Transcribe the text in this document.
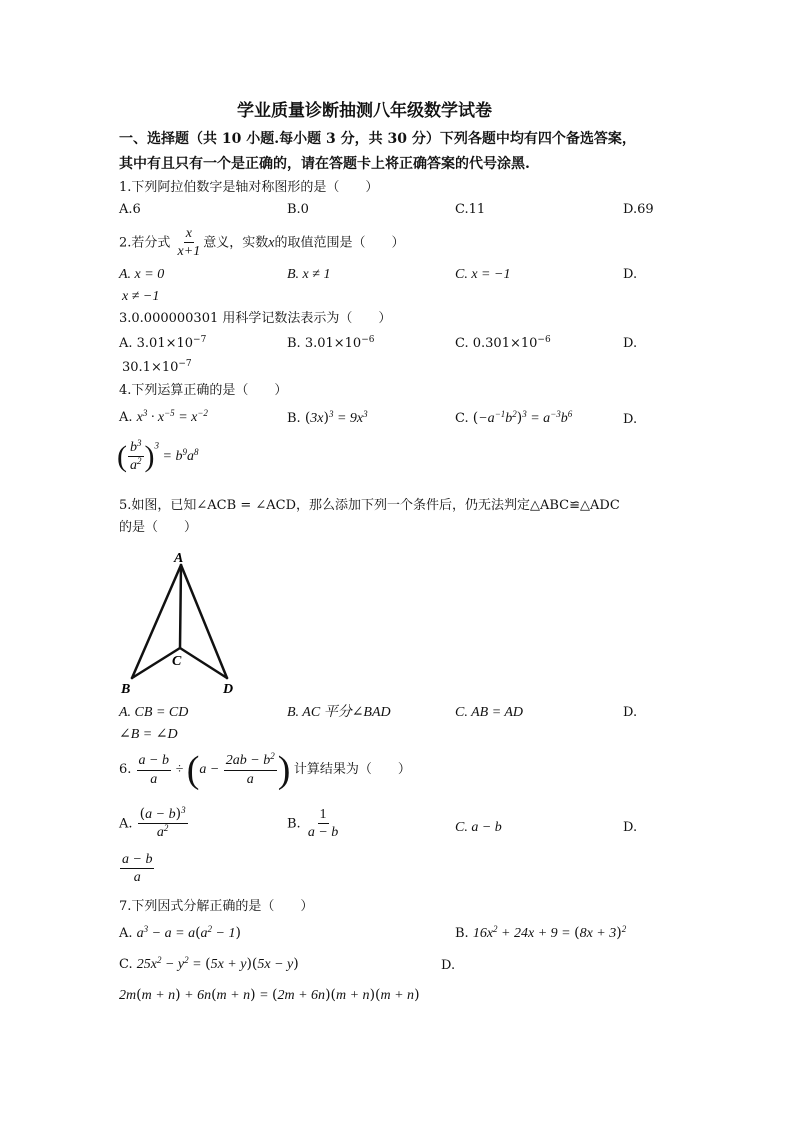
学业质量诊断抽测八年级数学试卷
一、选择题（共 10 小题.每小题 3 分，共 30 分）下列各题中均有四个备选答案，
其中有且只有一个是正确的，请在答题卡上将正确答案的代号涂黑.
1.下列阿拉伯数字是轴对称图形的是（　　）
A.6	B.0	C.11	D.69
2.若分式 $\frac{x}{x+1}$ 意义，实数x的取值范围是（　　）
A. x = 0	B. x ≠ 1	C. x = −1	D.
x ≠ −1
3.0.000000301 用科学记数法表示为（　　）
A. $3.01\times 10^{-7}$	B. $3.01\times 10^{-6}$	C. $0.301\times 10^{-6}$	D.
$30.1\times 10^{-7}$
4.下列运算正确的是（　　）
A. $x^3 \cdot x^{-5} = x^{-2}$	B. $(3x)^3 = 9x^3$	C. $(-a^{-1}b^2)^3 = a^{-3}b^6$	D.
( $\frac{b^3}{a^2} )^3 = b^9a^8$
5.如图，已知∠ACB = ∠ACD，那么添加下列一个条件后，仍无法判定△ABC≌△ADC
的是（　　）
A
B
C
D
A. CB = CD	B. AC 平分∠BAD	C. AB = AD	D.
∠B = ∠D
6. $\frac{a - b}{a} \div (a - \frac{2ab - b^2}{a}$ ) 计算结果为（　　）
A. $\frac{(a - b)^3}{a^2}$	B. $\frac{1}{a - b}$	C. a − b	D.
$\frac{a - b}{a}$
7.下列因式分解正确的是（　　）
A. $a^3 - a = a(a^2 - 1)$	B. $16x^2 + 24x + 9 = (8x + 3)^2$
C. $25x^2 - y^2 = (5x + y)(5x - y)$	D.
2m(m + n) + 6n(m + n) = (2m + 6n)(m + n)(m + n)
